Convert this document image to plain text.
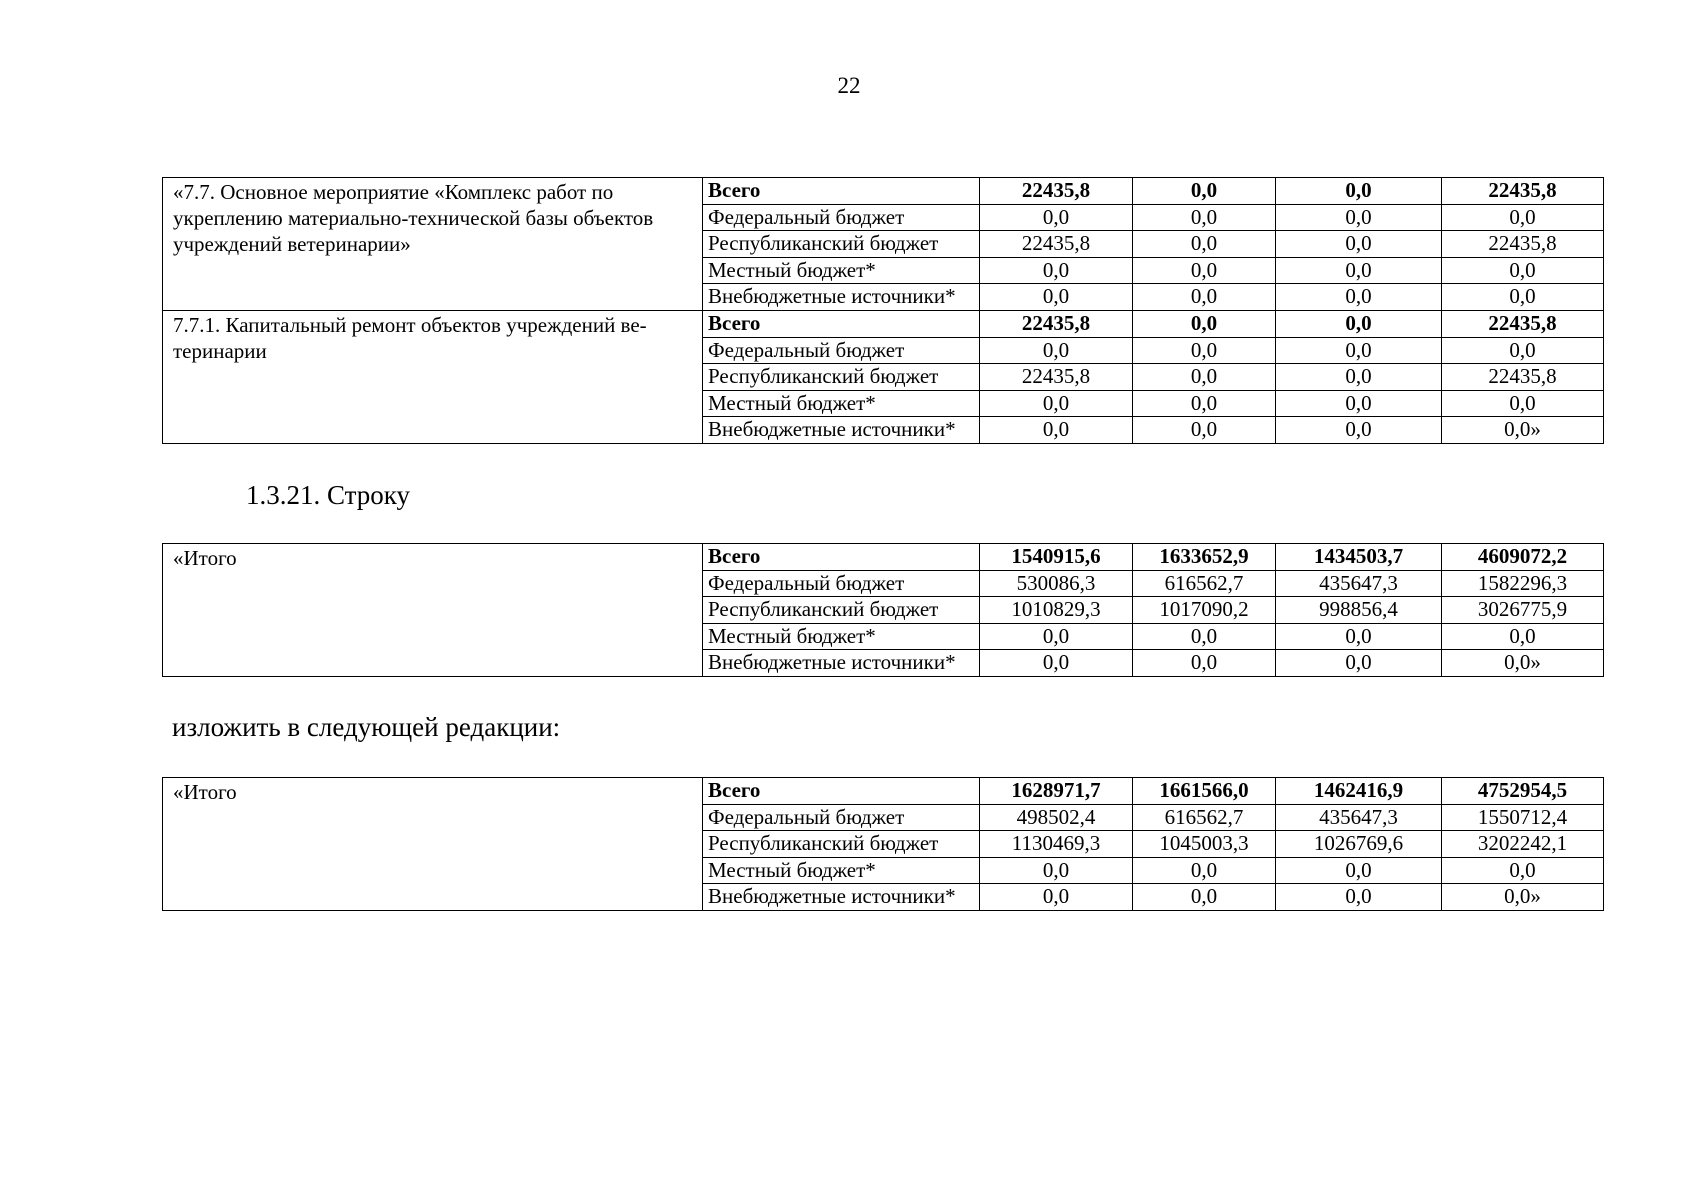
22
«7.7. Основное мероприятие «Комплекс работ по укреплению материально-технической базы объектов учреждений ветеринарии»	Всего	22435,8	0,0	0,0	22435,8
	Федеральный бюджет	0,0	0,0	0,0	0,0
	Республиканский бюджет	22435,8	0,0	0,0	22435,8
	Местный бюджет*	0,0	0,0	0,0	0,0
	Внебюджетные источники*	0,0	0,0	0,0	0,0
7.7.1. Капитальный ремонт объектов учреждений ве-теринарии	Всего	22435,8	0,0	0,0	22435,8
	Федеральный бюджет	0,0	0,0	0,0	0,0
	Республиканский бюджет	22435,8	0,0	0,0	22435,8
	Местный бюджет*	0,0	0,0	0,0	0,0
	Внебюджетные источники*	0,0	0,0	0,0	0,0»
1.3.21. Строку
«Итого	Всего	1540915,6	1633652,9	1434503,7	4609072,2
	Федеральный бюджет	530086,3	616562,7	435647,3	1582296,3
	Республиканский бюджет	1010829,3	1017090,2	998856,4	3026775,9
	Местный бюджет*	0,0	0,0	0,0	0,0
	Внебюджетные источники*	0,0	0,0	0,0	0,0»
изложить в следующей редакции:
«Итого	Всего	1628971,7	1661566,0	1462416,9	4752954,5
	Федеральный бюджет	498502,4	616562,7	435647,3	1550712,4
	Республиканский бюджет	1130469,3	1045003,3	1026769,6	3202242,1
	Местный бюджет*	0,0	0,0	0,0	0,0
	Внебюджетные источники*	0,0	0,0	0,0	0,0»
